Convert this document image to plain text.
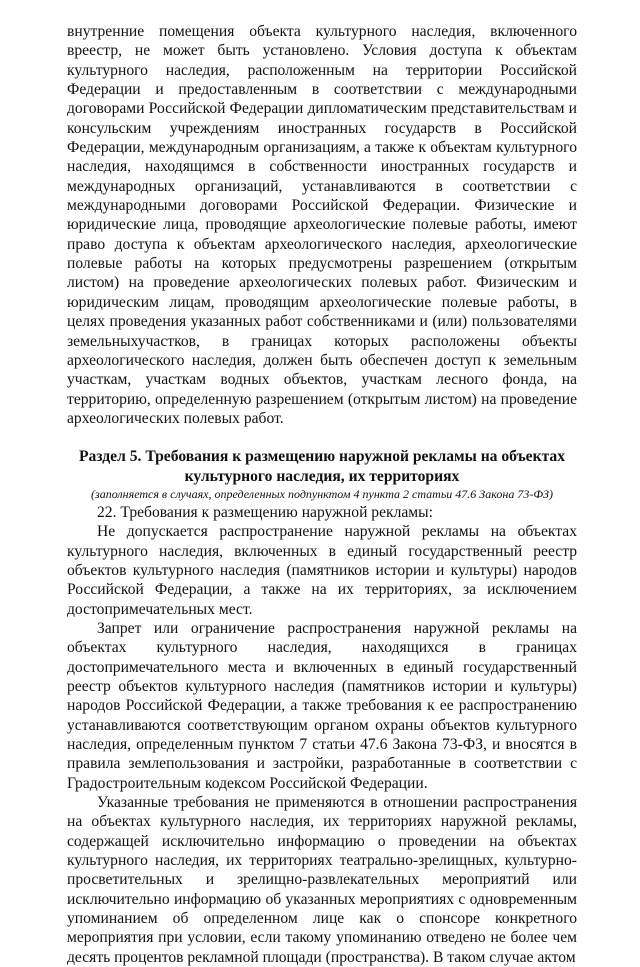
внутренние помещения объекта культурного наследия, включенного вреестр, не может быть установлено. Условия доступа к объектам культурного наследия, расположенным на территории Российской Федерации и предоставленным в соответствии с международными договорами Российской Федерации дипломатическим представительствам и консульским учреждениям иностранных государств в Российской Федерации, международным организациям, а также к объектам культурного наследия, находящимся в собственности иностранных государств и международных организаций, устанавливаются в соответствии с международными договорами Российской Федерации. Физические и юридические лица, проводящие археологические полевые работы, имеют право доступа к объектам археологического наследия, археологические полевые работы на которых предусмотрены разрешением (открытым листом) на проведение археологических полевых работ. Физическим и юридическим лицам, проводящим археологические полевые работы, в целях проведения указанных работ собственниками и (или) пользователями земельныхучастков, в границах которых расположены объекты археологического наследия, должен быть обеспечен доступ к земельным участкам, участкам водных объектов, участкам лесного фонда, на территорию, определенную разрешением (открытым листом) на проведение археологических полевых работ.

Раздел 5. Требования к размещению наружной рекламы на объектах
культурного наследия, их территориях

(заполняется в случаях, определенных подпунктом 4 пункта 2 статьи 47.6 Закона 73-ФЗ)

22. Требования к размещению наружной рекламы:

Не допускается распространение наружной рекламы на объектах культурного наследия, включенных в единый государственный реестр объектов культурного наследия (памятников истории и культуры) народов Российской Федерации, а также на их территориях, за исключением достопримечательных мест.

Запрет или ограничение распространения наружной рекламы на объектах культурного наследия, находящихся в границах достопримечательного места и включенных в единый государственный реестр объектов культурного наследия (памятников истории и культуры) народов Российской Федерации, а также требования к ее распространению устанавливаются соответствующим органом охраны объектов культурного наследия, определенным пунктом 7 статьи 47.6 Закона 73-ФЗ, и вносятся в правила землепользования и застройки, разработанные в соответствии с Градостроительным кодексом Российской Федерации.

Указанные требования не применяются в отношении распространения на объектах культурного наследия, их территориях наружной рекламы, содержащей исключительно информацию о проведении на объектах культурного наследия, их территориях театрально-зрелищных, культурно-просветительных и зрелищно-развлекательных мероприятий или исключительно информацию об указанных мероприятиях с одновременным упоминанием об определенном лице как о спонсоре конкретного мероприятия при условии, если такому упоминанию отведено не более чем десять процентов рекламной площади (пространства). В таком случае актом
